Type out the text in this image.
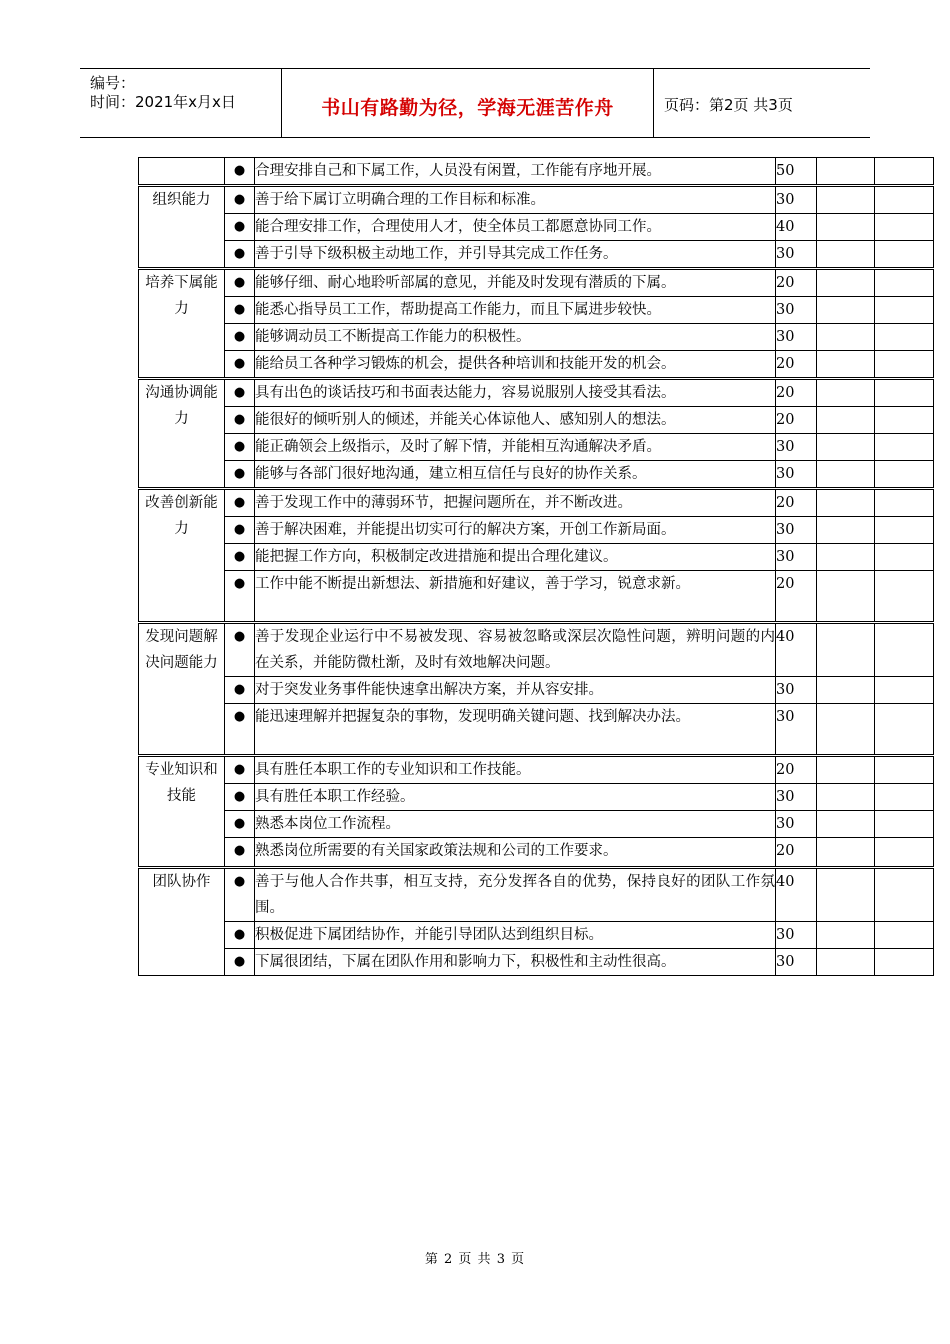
编号：
时间：2021年x月x日	书山有路勤为径，学海无涯苦作舟	页码：第2页 共3页
	●	合理安排自己和下属工作，人员没有闲置，工作能有序地开展。	50		
组织能力	●	善于给下属订立明确合理的工作目标和标准。	30		
	●	能合理安排工作，合理使用人才，使全体员工都愿意协同工作。	40		
	●	善于引导下级积极主动地工作，并引导其完成工作任务。	30		
培养下属能力	●	能够仔细、耐心地聆听部属的意见，并能及时发现有潜质的下属。	20		
	●	能悉心指导员工工作，帮助提高工作能力，而且下属进步较快。	30		
	●	能够调动员工不断提高工作能力的积极性。	30		
	●	能给员工各种学习锻炼的机会，提供各种培训和技能开发的机会。	20		
沟通协调能力	●	具有出色的谈话技巧和书面表达能力，容易说服别人接受其看法。	20		
	●	能很好的倾听别人的倾述，并能关心体谅他人、感知别人的想法。	20		
	●	能正确领会上级指示，及时了解下情，并能相互沟通解决矛盾。	30		
	●	能够与各部门很好地沟通，建立相互信任与良好的协作关系。	30		
改善创新能力	●	善于发现工作中的薄弱环节，把握问题所在，并不断改进。	20		
	●	善于解决困难，并能提出切实可行的解决方案，开创工作新局面。	30		
	●	能把握工作方向，积极制定改进措施和提出合理化建议。	30		
	●	工作中能不断提出新想法、新措施和好建议，善于学习，锐意求新。	20		
发现问题解决问题能力	●	善于发现企业运行中不易被发现、容易被忽略或深层次隐性问题，辨明问题的内在关系，并能防微杜渐，及时有效地解决问题。	40		
	●	对于突发业务事件能快速拿出解决方案，并从容安排。	30		
	●	能迅速理解并把握复杂的事物，发现明确关键问题、找到解决办法。	30		
专业知识和技能	●	具有胜任本职工作的专业知识和工作技能。	20		
	●	具有胜任本职工作经验。	30		
	●	熟悉本岗位工作流程。	30		
	●	熟悉岗位所需要的有关国家政策法规和公司的工作要求。	20		
团队协作	●	善于与他人合作共事，相互支持，充分发挥各自的优势，保持良好的团队工作氛围。	40		
	●	积极促进下属团结协作，并能引导团队达到组织目标。	30		
	●	下属很团结，下属在团队作用和影响力下，积极性和主动性很高。	30		
第 2 页 共 3 页
